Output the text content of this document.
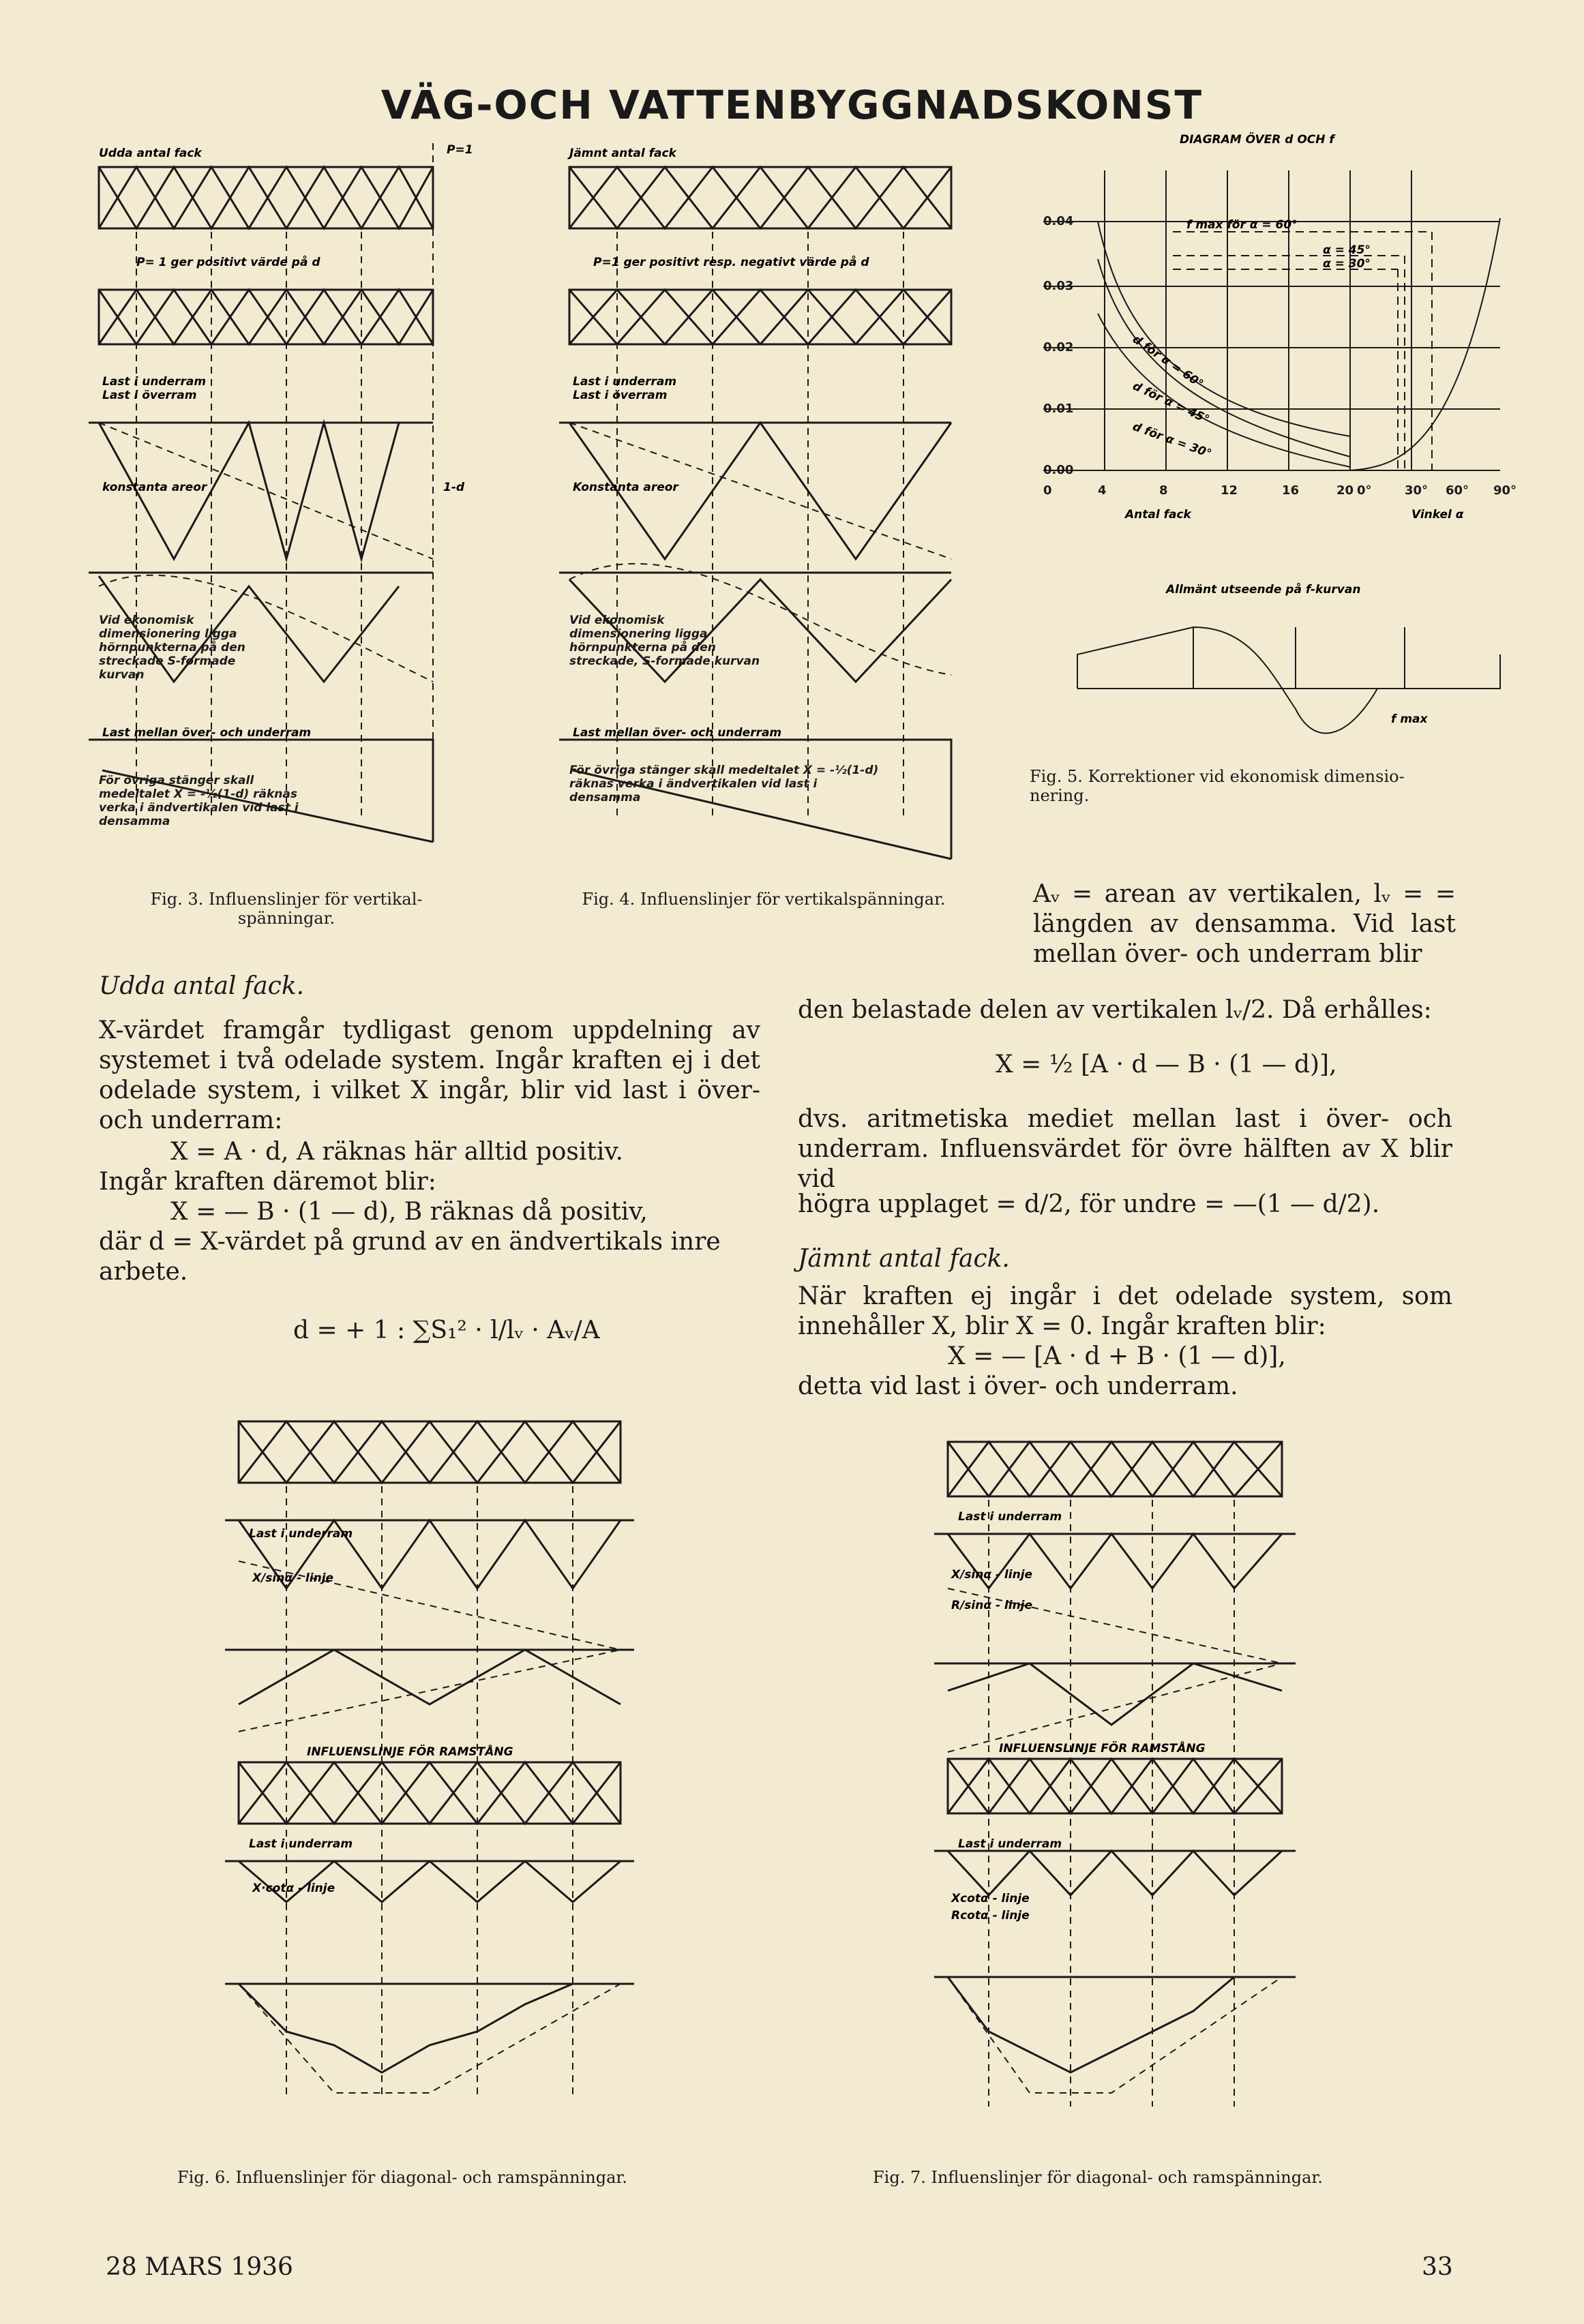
VÄG-OCH VATTENBYGGNADSKONST
Udda antal fack	P=1
P= 1 ger positivt värde på d
Last i underram
Last i överram
konstanta areor	1-d
Vid ekonomisk dimensionering ligga hörnpunkterna på den streckade S-formade kurvan
Last mellan över- och underram
För övriga stänger skall medeltalet X = -½(1-d) räknas verka i ändvertikalen vid last i densamma
Fig. 3. Influenslinjer för vertikal-
spänningar.
Jämnt antal fack
P=1 ger positivt resp. negativt värde på d
Last i underram
Last i överram
Konstanta areor
Vid ekonomisk dimensionering ligga hörnpunkterna på den streckade, S-formade kurvan
Last mellan över- och underram
För övriga stänger skall medeltalet X = -½(1-d) räknas verka i ändvertikalen vid last i densamma
Fig. 4. Influenslinjer för vertikalspänningar.
DIAGRAM ÖVER d OCH f
0.04
0.03
0.02
0.01
0.00
0	4	8	12	16	20 0°	30° 60° 90°
Antal fack	Vinkel α
f max för α = 60°
α = 45°
α = 30°
d för α = 60°
d för α = 45°
d för α = 30°
Allmänt utseende på f-kurvan
f max
Fig. 5. Korrektioner vid ekonomisk dimensio-
nering.
Udda antal fack.
X-värdet framgår tydligast genom uppdelning av systemet i två odelade system. Ingår kraften ej i det odelade system, i vilket X ingår, blir vid last i över- och underram:
X = A · d, A räknas här alltid positiv.
Ingår kraften däremot blir:
X = — B · (1 — d), B räknas då positiv,
där d = X-värdet på grund av en ändvertikals inre arbete.
d = + 1 : ∑S₁² · l/lᵥ · Aᵥ/A
Aᵥ = arean av vertikalen, lᵥ = = längden av densamma. Vid last mellan över- och underram blir
den belastade delen av vertikalen lᵥ/2. Då erhålles:
X = ½ [A · d — B · (1 — d)],
dvs. aritmetiska mediet mellan last i över- och underram. Influensvärdet för övre hälften av X blir vid
högra upplaget = d/2, för undre = —(1 — d/2).
Jämnt antal fack.
När kraften ej ingår i det odelade system, som innehåller X, blir X = 0. Ingår kraften blir:
X = — [A · d + B · (1 — d)],
detta vid last i över- och underram.
Last i underram
X/sinα - linje
INFLUENSLINJE FÖR RAMSTÅNG
Last i underram
X·cotα - linje
Fig. 6. Influenslinjer för diagonal- och ramspänningar.
Last i underram
X/sinα - linje
R/sinα - linje
INFLUENSLINJE FÖR RAMSTÅNG
Last i underram
Xcotα - linje
Rcotα - linje
Fig. 7. Influenslinjer för diagonal- och ramspänningar.
28 MARS 1936	33
